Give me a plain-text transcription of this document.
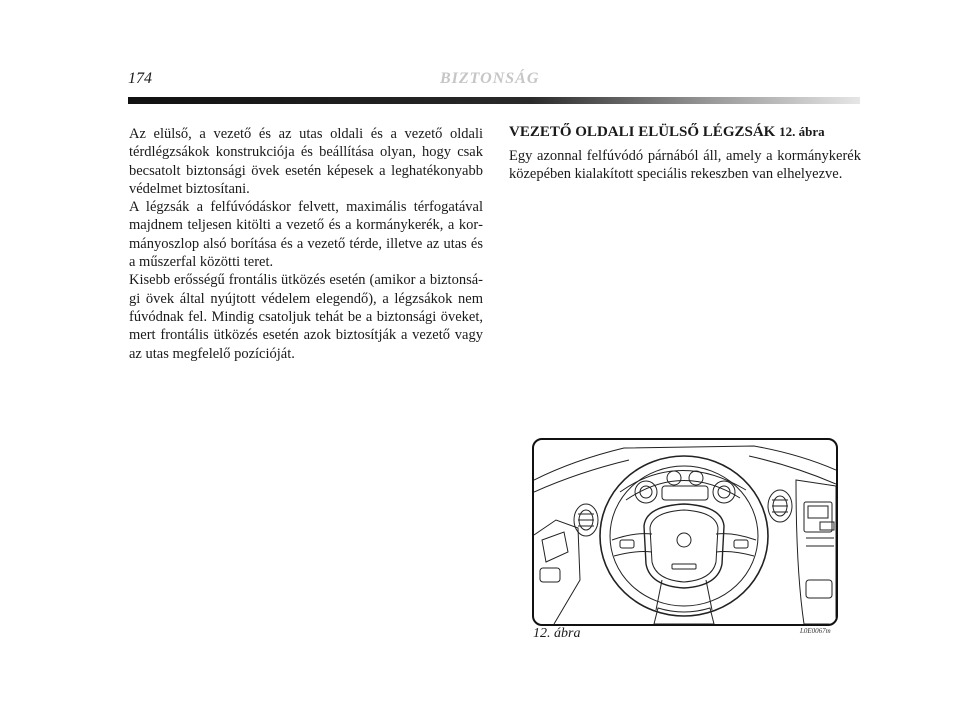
174	BIZTONSÁG

Az elülső, a vezető és az utas oldali és a vezető oldali térdlégzsákok konstrukciója és beállítása olyan, hogy csak becsatolt biztonsági övek esetén képesek a leghatékonyabb védelmet biztosítani.

A légzsák a felfúvódáskor felvett, maximális térfogatával majdnem teljesen kitölti a vezető és a kormánykerék, a kormányoszlop alsó borítása és a vezető térde, illetve az utas és a műszerfal közötti teret.

Kisebb erősségű frontális ütközés esetén (amikor a biztonsági övek által nyújtott védelem elegendő), a légzsákok nem fúvódnak fel. Mindig csatoljuk tehát be a biztonsági öveket, mert frontális ütközés esetén azok biztosítják a vezető vagy az utas megfelelő pozícióját.

VEZETŐ OLDALI ELÜLSŐ LÉGZSÁK 12. ábra

Egy azonnal felfúvódó párnából áll, amely a kormánykerék közepében kialakított speciális rekeszben van elhelyezve.

12. ábra	L0E0067m
